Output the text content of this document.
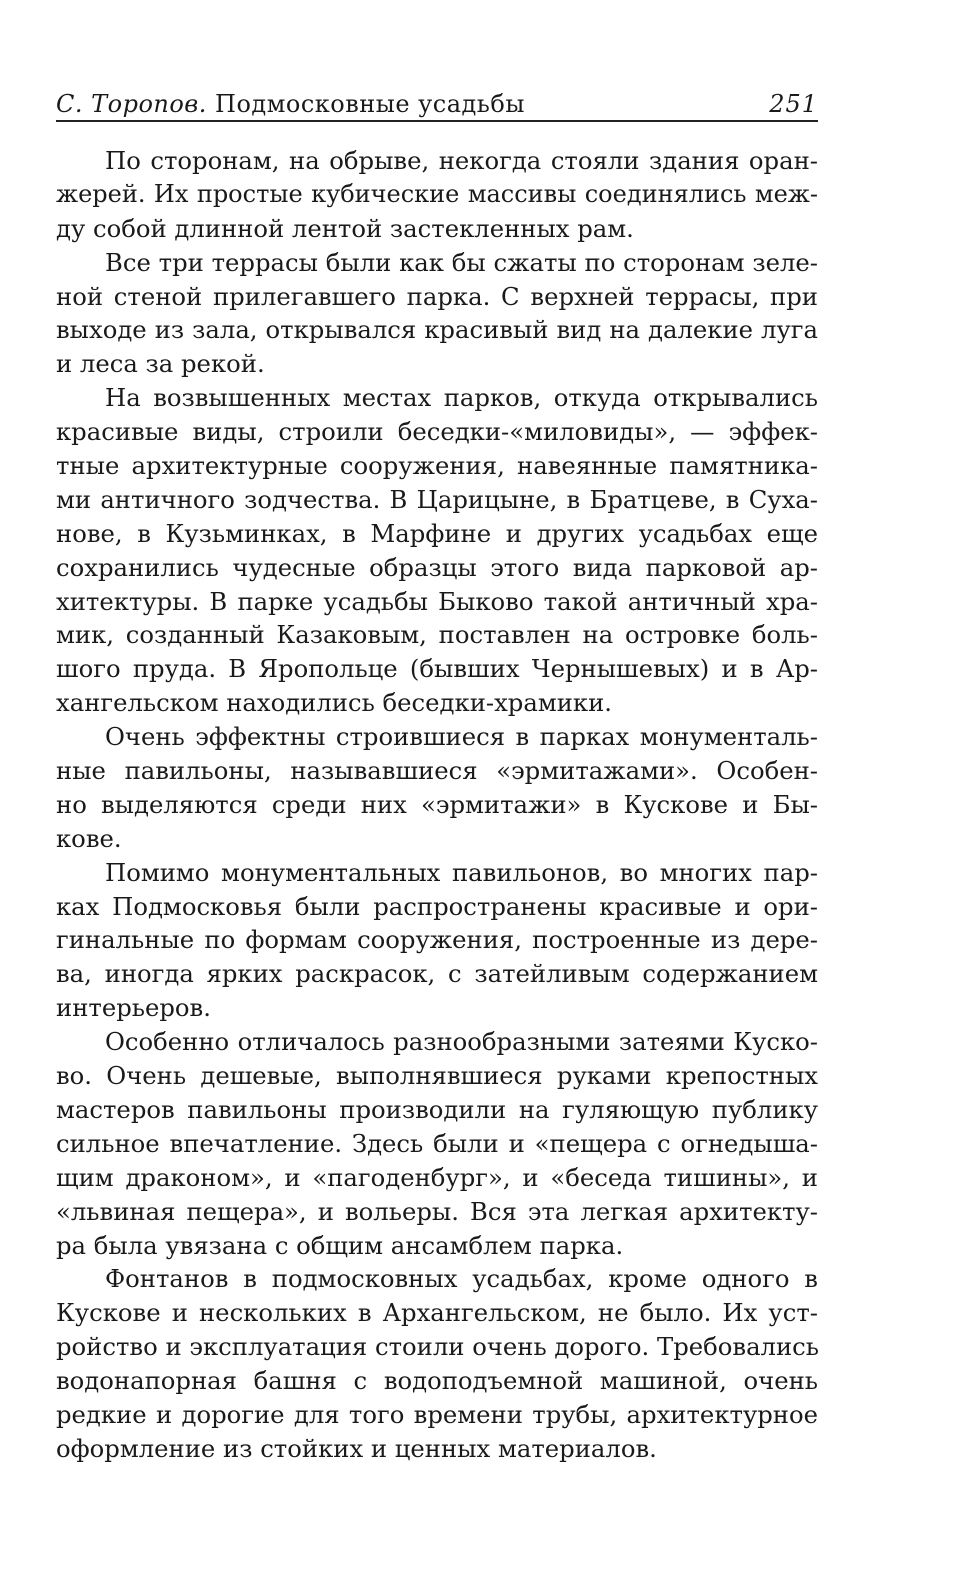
С. Торопов. Подмосковные усадьбы	251
По сторонам, на обрыве, некогда стояли здания оран-
жерей. Их простые кубические массивы соединялись меж-
ду собой длинной лентой застекленных рам.
Все три террасы были как бы сжаты по сторонам зеле-
ной стеной прилегавшего парка. С верхней террасы, при
выходе из зала, открывался красивый вид на далекие луга
и леса за рекой.
На возвышенных местах парков, откуда открывались
красивые виды, строили беседки-«миловиды», — эффек-
тные архитектурные сооружения, навеянные памятника-
ми античного зодчества. В Царицыне, в Братцеве, в Суха-
нове, в Кузьминках, в Марфине и других усадьбах еще
сохранились чудесные образцы этого вида парковой ар-
хитектуры. В парке усадьбы Быково такой античный хра-
мик, созданный Казаковым, поставлен на островке боль-
шого пруда. В Яропольце (бывших Чернышевых) и в Ар-
хангельском находились беседки-храмики.
Очень эффектны строившиеся в парках монументаль-
ные павильоны, называвшиеся «эрмитажами». Особен-
но выделяются среди них «эрмитажи» в Кускове и Бы-
кове.
Помимо монументальных павильонов, во многих пар-
ках Подмосковья были распространены красивые и ори-
гинальные по формам сооружения, построенные из дере-
ва, иногда ярких раскрасок, с затейливым содержанием
интерьеров.
Особенно отличалось разнообразными затеями Куско-
во. Очень дешевые, выполнявшиеся руками крепостных
мастеров павильоны производили на гуляющую публику
сильное впечатление. Здесь были и «пещера с огнедыша-
щим драконом», и «пагоденбург», и «беседа тишины», и
«львиная пещера», и вольеры. Вся эта легкая архитекту-
ра была увязана с общим ансамблем парка.
Фонтанов в подмосковных усадьбах, кроме одного в
Кускове и нескольких в Архангельском, не было. Их уст-
ройство и эксплуатация стоили очень дорого. Требовались
водонапорная башня с водоподъемной машиной, очень
редкие и дорогие для того времени трубы, архитектурное
оформление из стойких и ценных материалов.
